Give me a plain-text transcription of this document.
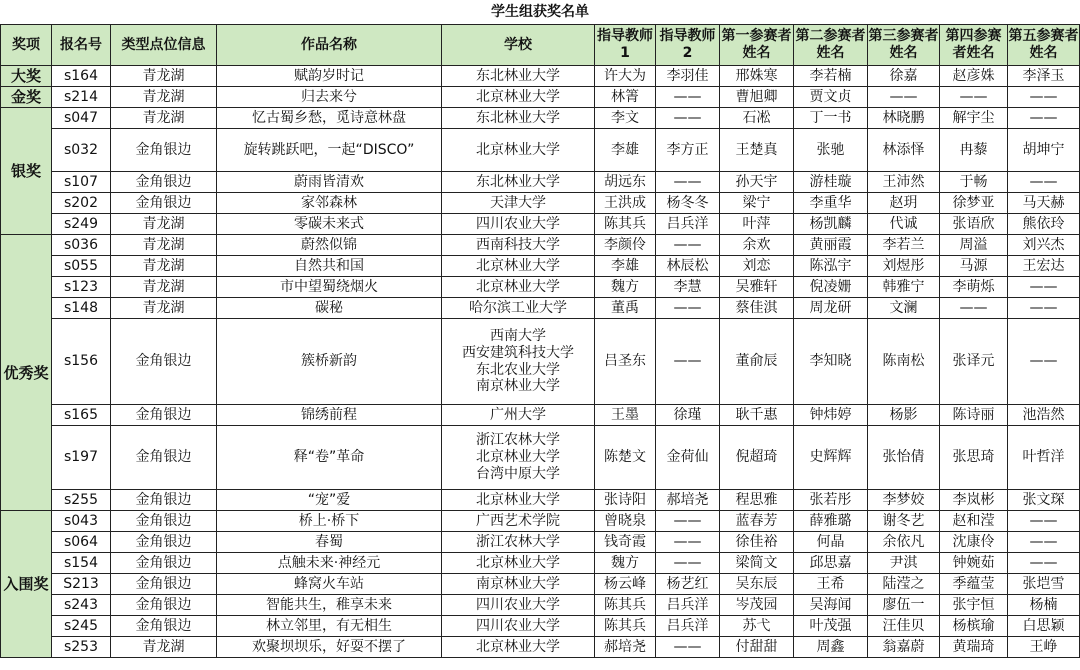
学生组获奖名单
奖项	报名号	类型点位信息	作品名称	学校	指导教师1	指导教师2	第一参赛者姓名	第二参赛者姓名	第三参赛者姓名	第四参赛者姓名	第五参赛者姓名
大奖	s164	青龙湖	赋韵岁时记	东北林业大学	许大为	李羽佳	邢姝寒	李若楠	徐嘉	赵彦姝	李泽玉
金奖	s214	青龙湖	归去来兮	北京林业大学	林箐	——	曹旭卿	贾文贞	——	——	——
银奖	s047	青龙湖	忆古蜀乡愁，觅诗意林盘	东北林业大学	李文	——	石凇	丁一书	林晓鹏	解宇尘	——
	s032	金角银边	旋转跳跃吧，一起“DISCO”	北京林业大学	李雄	李方正	王楚真	张驰	林添怿	冉藜	胡坤宁
	s107	金角银边	蔚雨皆清欢	东北林业大学	胡远东	——	孙天宇	游桂璇	王沛然	于畅	——
	s202	金角银边	家邻森林	天津大学	王洪成	杨冬冬	梁宁	李重华	赵玥	徐梦亚	马天赫
	s249	青龙湖	零碳未来式	四川农业大学	陈其兵	吕兵洋	叶萍	杨凯麟	代诚	张语欣	熊依玲
优秀奖	s036	青龙湖	蔚然似锦	西南科技大学	李颜伶	——	余欢	黄丽霞	李若兰	周溢	刘兴杰
	s055	青龙湖	自然共和国	北京林业大学	李雄	林辰松	刘恋	陈泓宇	刘煜彤	马源	王宏达
	s123	青龙湖	市中望蜀绕烟火	北京林业大学	魏方	李慧	吴雅轩	倪凌姗	韩雅宁	李萌烁	——
	s148	青龙湖	碳秘	哈尔滨工业大学	董禹	——	蔡佳淇	周龙研	文澜	——	——
	s156	金角银边	簇桥新韵	西南大学
西安建筑科技大学
东北农业大学
南京林业大学	吕圣东	——	董俞辰	李知晓	陈南松	张译元	——
	s165	金角银边	锦绣前程	广州大学	王墨	徐瑾	耿千惠	钟炜婷	杨影	陈诗丽	池浩然
	s197	金角银边	释“卷”革命	浙江农林大学
北京林业大学
台湾中原大学	陈楚文	金荷仙	倪超琦	史辉辉	张怡倩	张思琦	叶哲洋
	s255	金角银边	“宠”爱	北京林业大学	张诗阳	郝培尧	程思雅	张若彤	李梦姣	李岚彬	张文琛
入围奖	s043	金角银边	桥上·桥下	广西艺术学院	曾晓泉	——	蓝春芳	薛雅璐	谢冬艺	赵和滢	——
	s064	金角银边	春蜀	浙江农林大学	钱奇霞	——	徐佳裕	何晶	余依凡	沈康伶	——
	s154	金角银边	点触未来·神经元	北京林业大学	魏方	——	梁简文	邱思嘉	尹淇	钟婉茹	——
	S213	金角银边	蜂窝火车站	南京林业大学	杨云峰	杨艺红	吴东辰	王希	陆滢之	季蕴莹	张垲雪
	s243	金角银边	智能共生，稚享未来	四川农业大学	陈其兵	吕兵洋	岑茂园	吴海闻	廖伍一	张宇恒	杨楠
	s245	金角银边	林立邻里，有无相生	四川农业大学	陈其兵	吕兵洋	苏弋	叶茂强	汪佳贝	杨槟瑜	白思颖
	s253	青龙湖	欢聚坝坝乐，好耍不摆了	北京林业大学	郝培尧	——	付甜甜	周鑫	翁嘉蔚	黄瑞琦	王峥
